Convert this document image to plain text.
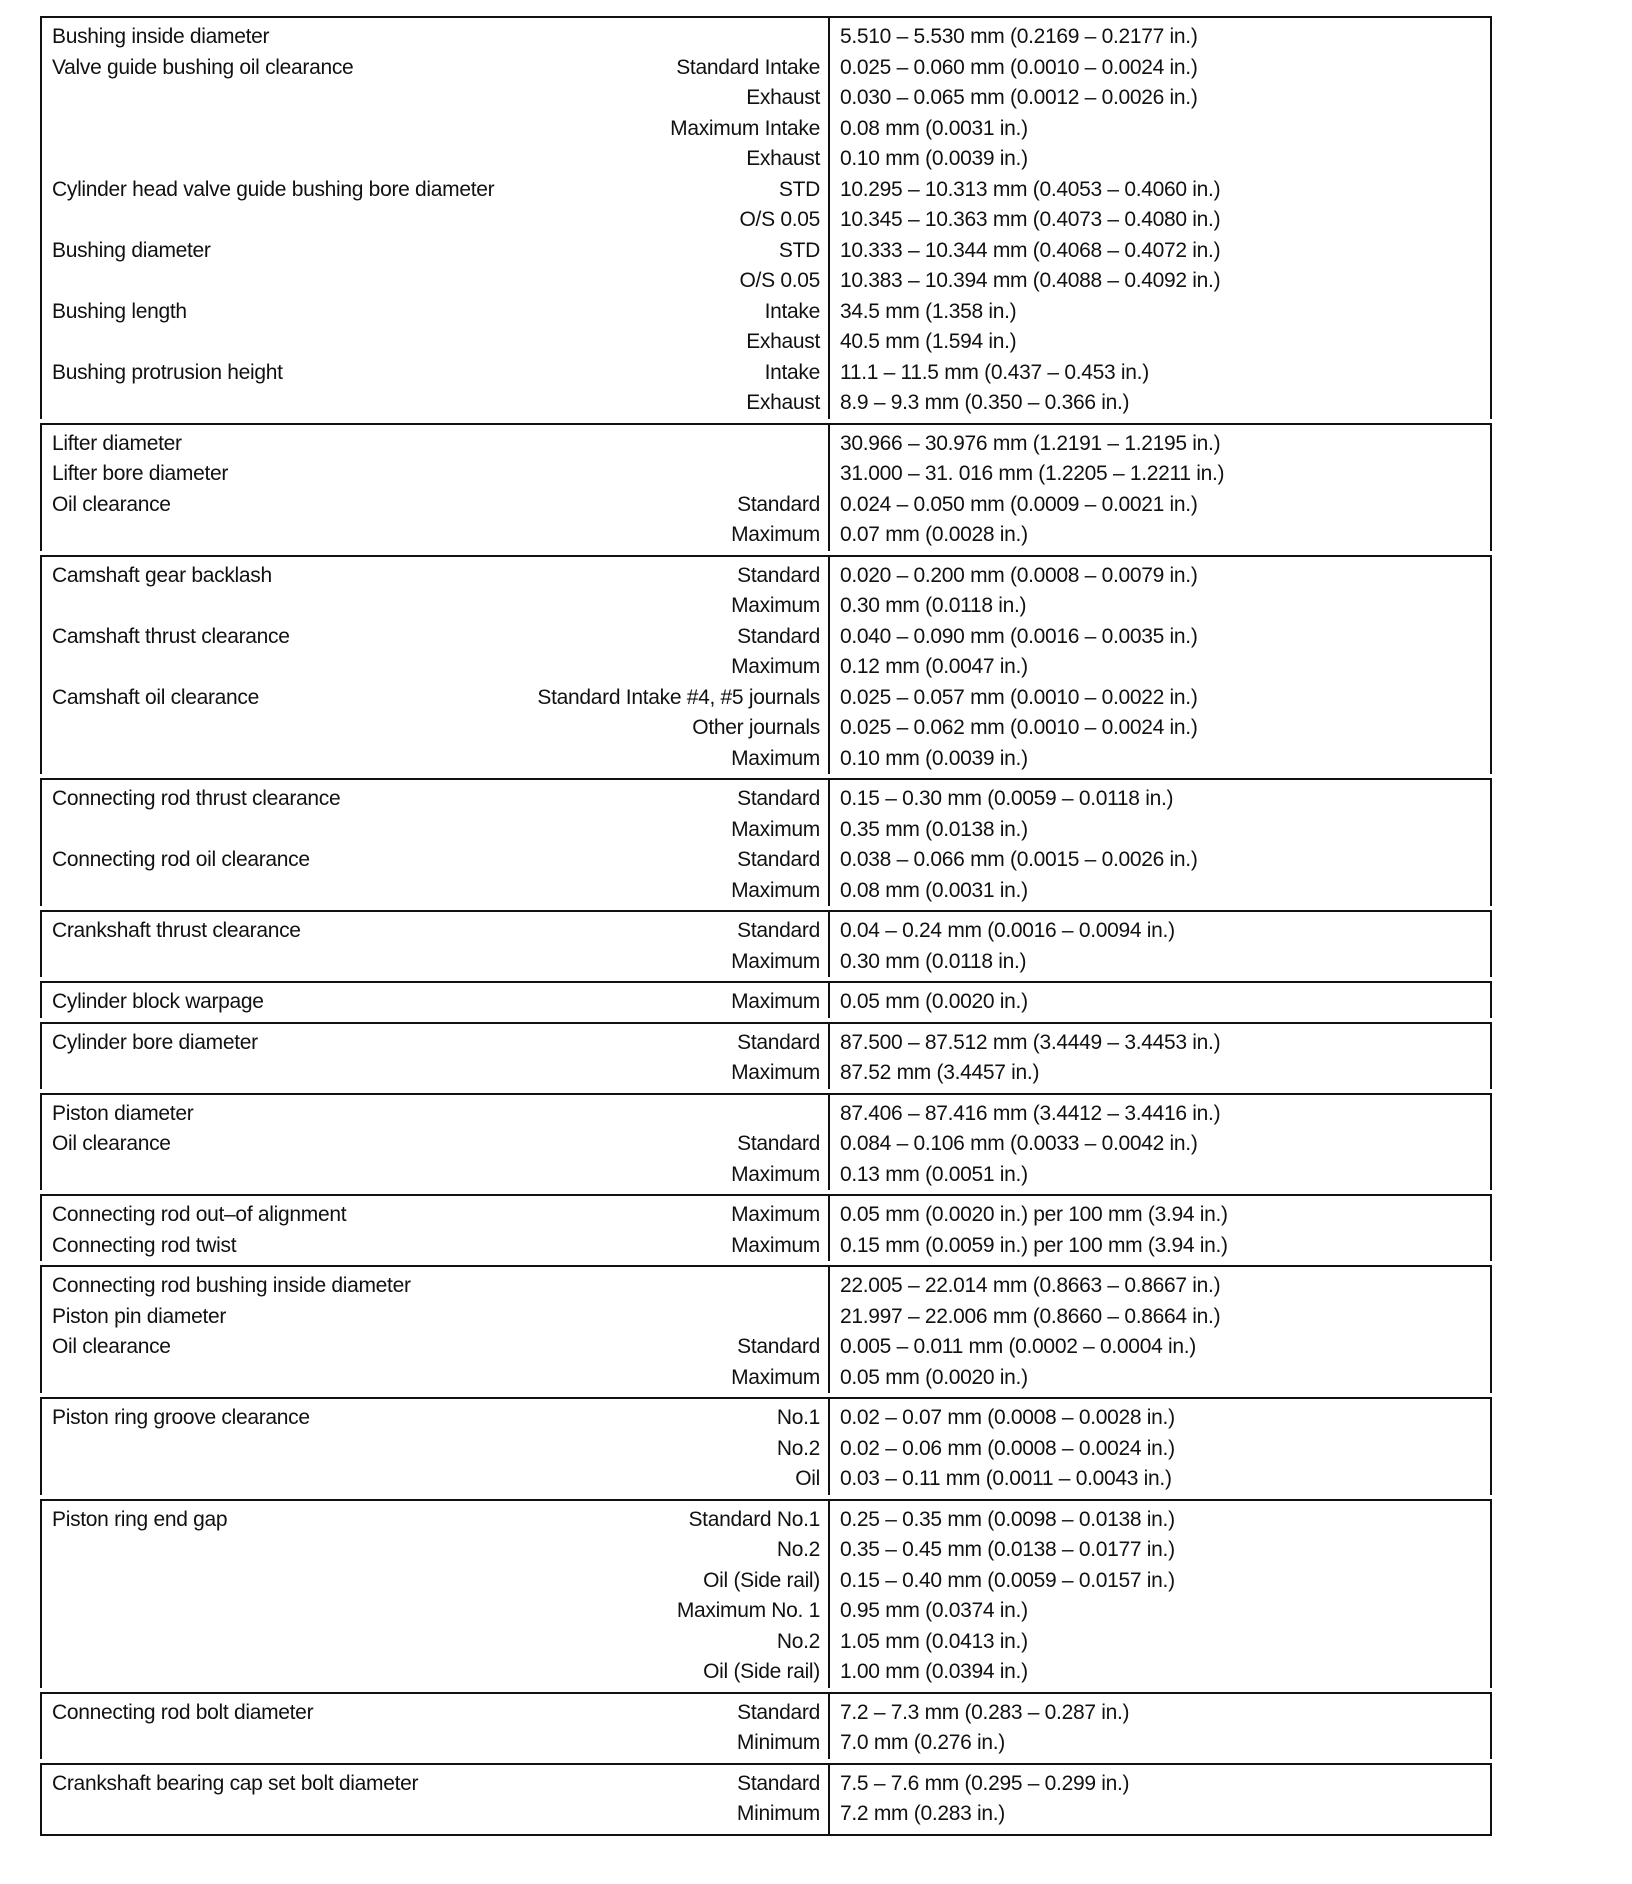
Bushing inside diameter	5.510 – 5.530 mm (0.2169 – 0.2177 in.)
Valve guide bushing oil clearance	Standard Intake 0.025 – 0.060 mm (0.0010 – 0.0024 in.)
Exhaust 0.030 – 0.065 mm (0.0012 – 0.0026 in.)
Maximum Intake 0.08 mm (0.0031 in.)
Exhaust 0.10 mm (0.0039 in.)
Cylinder head valve guide bushing bore diameter	STD 10.295 – 10.313 mm (0.4053 – 0.4060 in.)
O/S 0.05 10.345 – 10.363 mm (0.4073 – 0.4080 in.)
Bushing diameter	STD 10.333 – 10.344 mm (0.4068 – 0.4072 in.)
O/S 0.05 10.383 – 10.394 mm (0.4088 – 0.4092 in.)
Bushing length	Intake 34.5 mm (1.358 in.)
Exhaust 40.5 mm (1.594 in.)
Bushing protrusion height	Intake 11.1 – 11.5 mm (0.437 – 0.453 in.)
Exhaust 8.9 – 9.3 mm (0.350 – 0.366 in.)
Lifter diameter	30.966 – 30.976 mm (1.2191 – 1.2195 in.)
Lifter bore diameter	31.000 – 31. 016 mm (1.2205 – 1.2211 in.)
Oil clearance	Standard 0.024 – 0.050 mm (0.0009 – 0.0021 in.)
Maximum 0.07 mm (0.0028 in.)
Camshaft gear backlash	Standard 0.020 – 0.200 mm (0.0008 – 0.0079 in.)
Maximum 0.30 mm (0.0118 in.)
Camshaft thrust clearance	Standard 0.040 – 0.090 mm (0.0016 – 0.0035 in.)
Maximum 0.12 mm (0.0047 in.)
Camshaft oil clearance	Standard Intake #4, #5 journals 0.025 – 0.057 mm (0.0010 – 0.0022 in.)
Other journals 0.025 – 0.062 mm (0.0010 – 0.0024 in.)
Maximum 0.10 mm (0.0039 in.)
Connecting rod thrust clearance	Standard 0.15 – 0.30 mm (0.0059 – 0.0118 in.)
Maximum 0.35 mm (0.0138 in.)
Connecting rod oil clearance	Standard 0.038 – 0.066 mm (0.0015 – 0.0026 in.)
Maximum 0.08 mm (0.0031 in.)
Crankshaft thrust clearance	Standard 0.04 – 0.24 mm (0.0016 – 0.0094 in.)
Maximum 0.30 mm (0.0118 in.)
Cylinder block warpage	Maximum 0.05 mm (0.0020 in.)
Cylinder bore diameter	Standard 87.500 – 87.512 mm (3.4449 – 3.4453 in.)
Maximum 87.52 mm (3.4457 in.)
Piston diameter	87.406 – 87.416 mm (3.4412 – 3.4416 in.)
Oil clearance	Standard 0.084 – 0.106 mm (0.0033 – 0.0042 in.)
Maximum 0.13 mm (0.0051 in.)
Connecting rod out–of alignment	Maximum 0.05 mm (0.0020 in.) per 100 mm (3.94 in.)
Connecting rod twist	Maximum 0.15 mm (0.0059 in.) per 100 mm (3.94 in.)
Connecting rod bushing inside diameter	22.005 – 22.014 mm (0.8663 – 0.8667 in.)
Piston pin diameter	21.997 – 22.006 mm (0.8660 – 0.8664 in.)
Oil clearance	Standard 0.005 – 0.011 mm (0.0002 – 0.0004 in.)
Maximum 0.05 mm (0.0020 in.)
Piston ring groove clearance	No.1 0.02 – 0.07 mm (0.0008 – 0.0028 in.)
No.2 0.02 – 0.06 mm (0.0008 – 0.0024 in.)
Oil 0.03 – 0.11 mm (0.0011 – 0.0043 in.)
Piston ring end gap	Standard No.1 0.25 – 0.35 mm (0.0098 – 0.0138 in.)
No.2 0.35 – 0.45 mm (0.0138 – 0.0177 in.)
Oil (Side rail) 0.15 – 0.40 mm (0.0059 – 0.0157 in.)
Maximum No. 1 0.95 mm (0.0374 in.)
No.2 1.05 mm (0.0413 in.)
Oil (Side rail) 1.00 mm (0.0394 in.)
Connecting rod bolt diameter	Standard 7.2 – 7.3 mm (0.283 – 0.287 in.)
Minimum 7.0 mm (0.276 in.)
Crankshaft bearing cap set bolt diameter	Standard 7.5 – 7.6 mm (0.295 – 0.299 in.)
Minimum 7.2 mm (0.283 in.)
